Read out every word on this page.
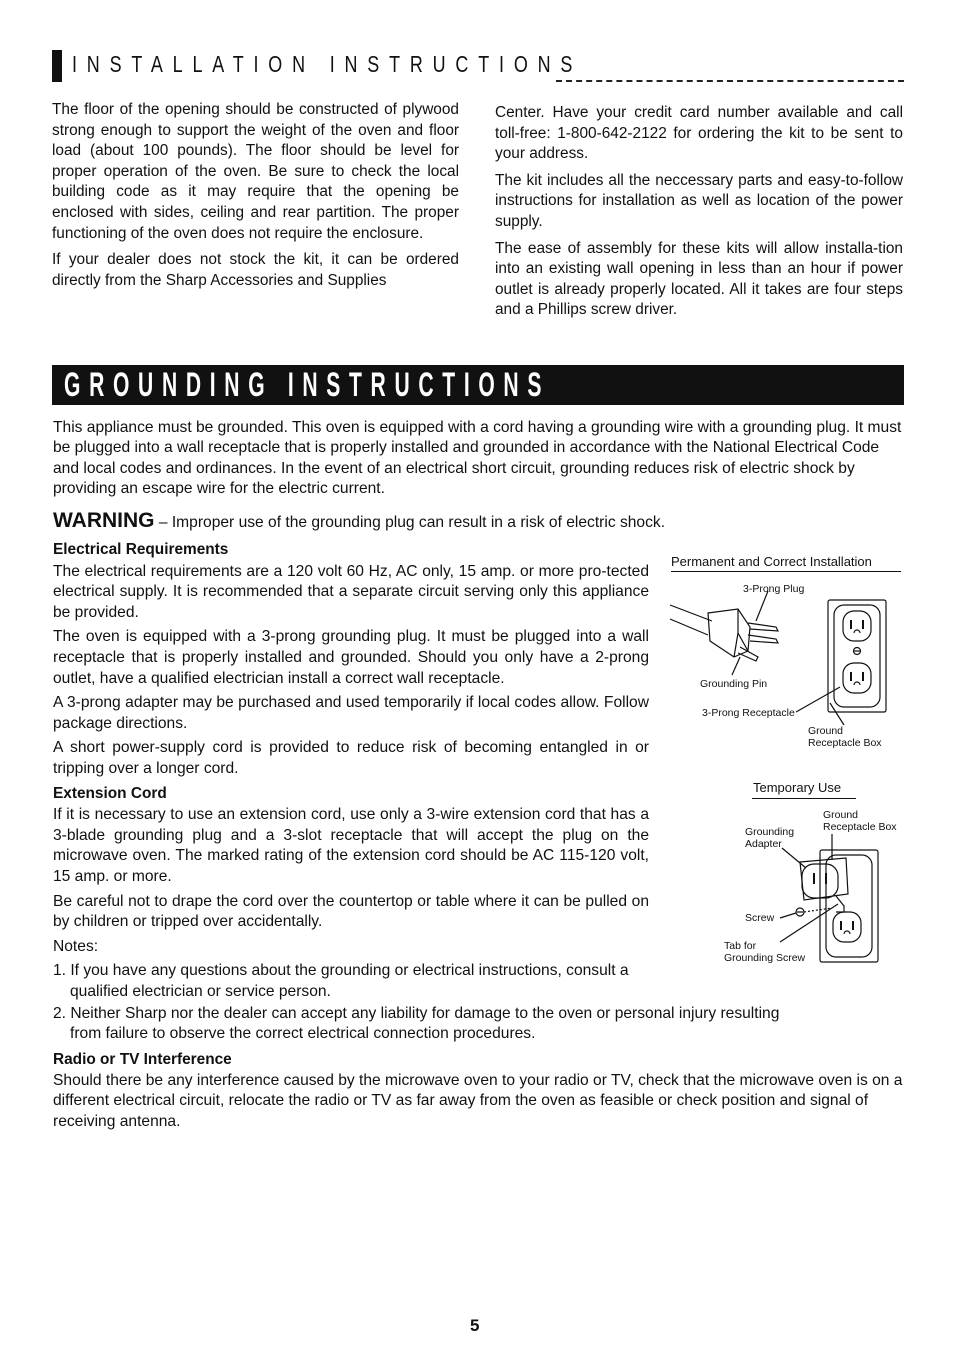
INSTALLATION INSTRUCTIONS

The floor of the opening should be constructed of plywood strong enough to support the weight of the oven and floor load (about 100 pounds). The floor should be level for proper operation of the oven. Be sure to check the local building code as it may require that the opening be enclosed with sides, ceiling and rear partition. The proper functioning of the oven does not require the enclosure.

If your dealer does not stock the kit, it can be ordered directly from the Sharp Accessories and Supplies

Center. Have your credit card number available and call toll-free: 1-800-642-2122 for ordering the kit to be sent to your address.

The kit includes all the neccessary parts and easy-to-follow instructions for installation as well as location of the power supply.

The ease of assembly for these kits will allow installa-tion into an existing wall opening in less than an hour if power outlet is already properly located. All it takes are four steps and a Phillips screw driver.

GROUNDING INSTRUCTIONS
This appliance must be grounded. This oven is equipped with a cord having a grounding wire with a grounding plug. It must be plugged into a wall receptacle that is properly installed and grounded in accordance with the National Electrical Code and local codes and ordinances. In the event of an electrical short circuit, grounding reduces risk of electric shock by providing an escape wire for the electric current.
WARNING – Improper use of the grounding plug can result in a risk of electric shock.

Electrical Requirements

The electrical requirements are a 120 volt 60 Hz, AC only, 15 amp. or more pro-tected electrical supply. It is recommended that a separate circuit serving only this appliance be provided.

The oven is equipped with a 3-prong grounding plug. It must be plugged into a wall receptacle that is properly installed and grounded. Should you only have a 2-prong outlet, have a qualified electrician install a correct wall receptacle.

A 3-prong adapter may be purchased and used temporarily if local codes allow. Follow package directions.

A short power-supply cord is provided to reduce risk of becoming entangled in or tripping over a longer cord.

Extension Cord

If it is necessary to use an extension cord, use only a 3-wire extension cord that has a 3-blade grounding plug and a 3-slot receptacle that will accept the plug on the microwave oven. The marked rating of the extension cord should be AC 115-120 volt, 15 amp. or more.

Be careful not to drape the cord over the countertop or table where it can be pulled on by children or tripped over accidentally.

Notes:

1. If you have any questions about the grounding or electrical instructions, consult a qualified electrician or service person.

2. Neither Sharp nor the dealer can accept any liability for damage to the oven or personal injury resulting from failure to observe the correct electrical connection procedures.
Radio or TV Interference
Should there be any interference caused by the microwave oven to your radio or TV, check that the microwave oven is on a different electrical circuit, relocate the radio or TV as far away from the oven as feasible or check position and signal of receiving antenna.
Permanent and Correct Installation
3-Prong Plug
Grounding Pin
3-Prong Receptacle
Ground
Receptacle Box
Temporary Use
Ground
Receptacle Box
Grounding
Adapter
Screw
Tab for
Grounding Screw
5
